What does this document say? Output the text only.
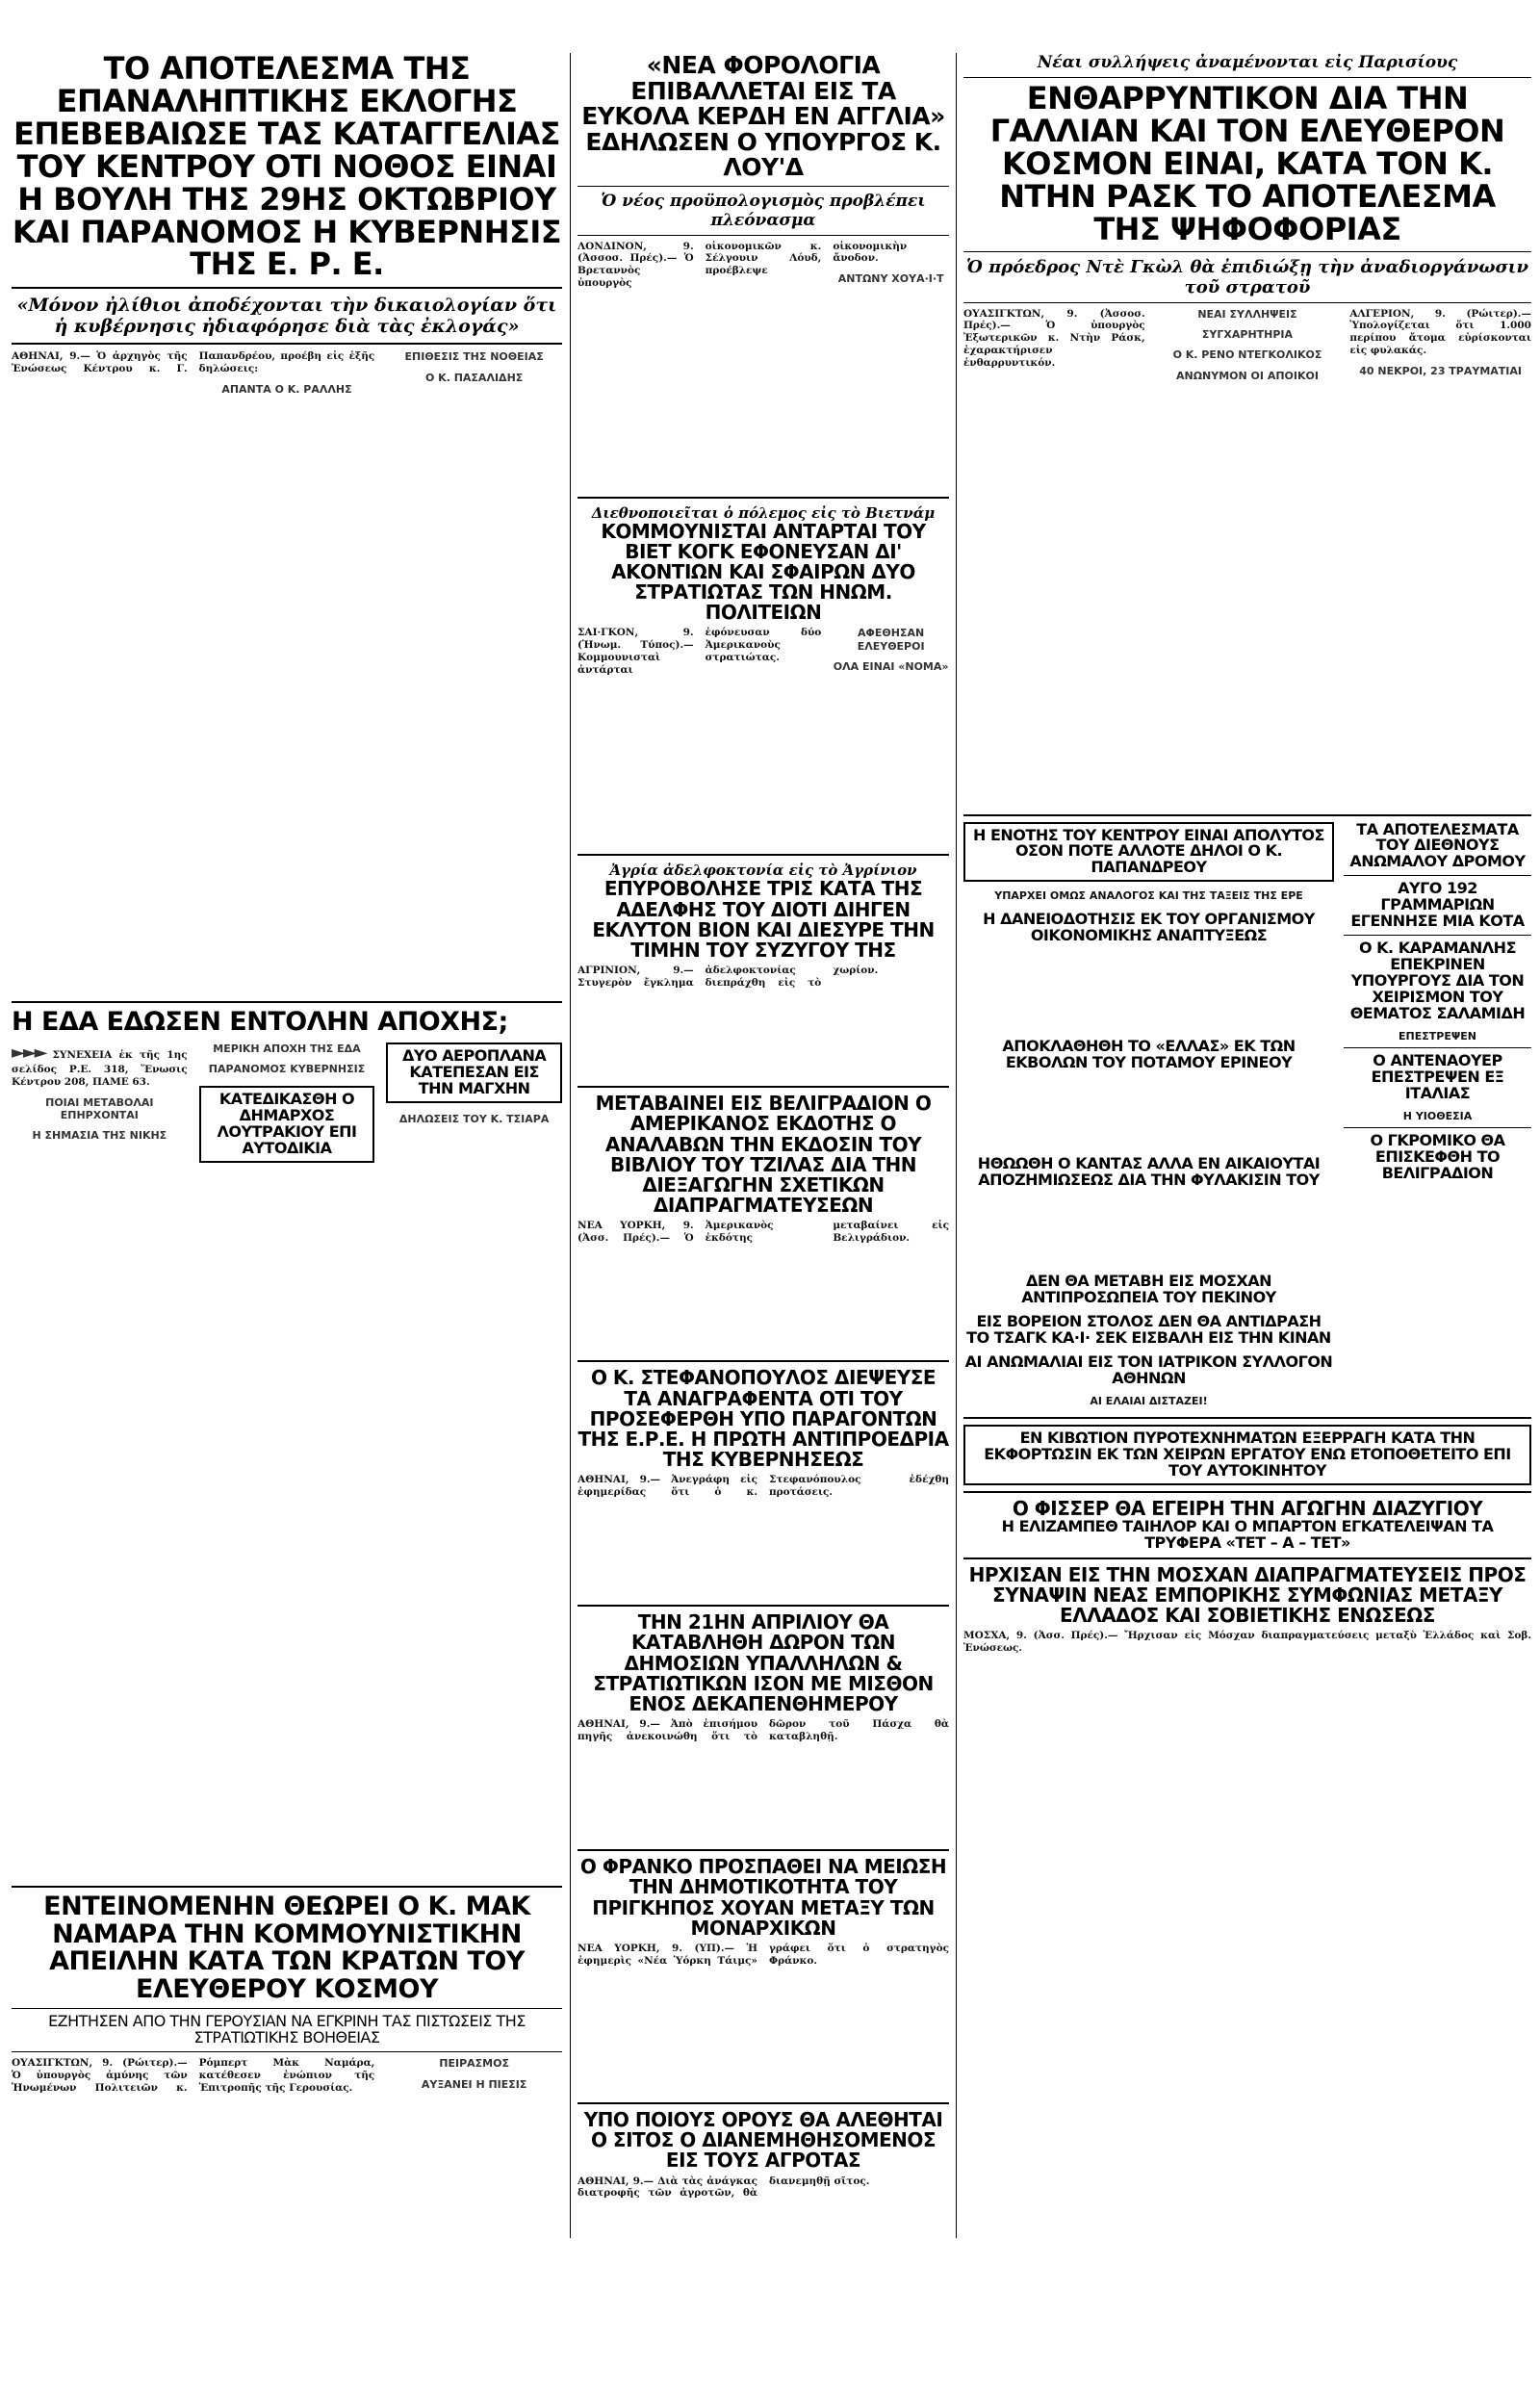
ΤΟ ΑΠΟΤΕΛΕΣΜΑ ΤΗΣ ΕΠΑΝΑΛΗΠΤΙΚΗΣ ΕΚΛΟΓΗΣ ΕΠΕΒΕΒΑΙΩΣΕ ΤΑΣ ΚΑΤΑΓΓΕΛΙΑΣ ΤΟΥ ΚΕΝΤΡΟΥ ΟΤΙ ΝΟΘΟΣ ΕΙΝΑΙ Η ΒΟΥΛΗ ΤΗΣ 29ΗΣ ΟΚΤΩΒΡΙΟΥ ΚΑΙ ΠΑΡΑΝΟΜΟΣ Η ΚΥΒΕΡΝΗΣΙΣ ΤΗΣ Ε. Ρ. Ε.
«Μόνον ἠλίθιοι ἀποδέχονται τὴν δικαιολογίαν ὅτι ἡ κυβέρνησις ἠδιαφόρησε διὰ τὰς ἐκλογάς»
ΑΘΗΝΑΙ, 9.— Ὁ ἀρχηγὸς τῆς Ἑνώσεως Κέντρου κ. Γ. Παπανδρέου, προέβη εἰς ἑξῆς δηλώσεις:
ΑΠΑΝΤΑ Ο Κ. ΡΑΛΛΗΣ
ΕΠΙΘΕΣΙΣ ΤΗΣ ΝΟΘΕΙΑΣ
Ο Κ. ΠΑΣΑΛΙΔΗΣ
Η ΕΔΑ ΕΔΩΣΕΝ ΕΝΤΟΛΗΝ ΑΠΟΧΗΣ;
►►► ΣΥΝΕΧΕΙΑ ἐκ τῆς 1ης σελίδος Ρ.Ε. 318, Ἕνωσις Κέντρου 208, ΠΑΜΕ 63.
ΠΟΙΑΙ ΜΕΤΑΒΟΛΑΙ ΕΠΗΡΧΟΝΤΑΙ
Η ΣΗΜΑΣΙΑ ΤΗΣ ΝΙΚΗΣ
ΜΕΡΙΚΗ ΑΠΟΧΗ ΤΗΣ ΕΔΑ
ΠΑΡΑΝΟΜΟΣ ΚΥΒΕΡΝΗΣΙΣ
ΚΑΤΕΔΙΚΑΣΘΗ Ο ΔΗΜΑΡΧΟΣ ΛΟΥΤΡΑΚΙΟΥ ΕΠΙ ΑΥΤΟΔΙΚΙΑ
ΔΥΟ ΑΕΡΟΠΛΑΝΑ ΚΑΤΕΠΕΣΑΝ ΕΙΣ ΤΗΝ ΜΑΓΧΗΝ
ΔΗΛΩΣΕΙΣ ΤΟΥ Κ. ΤΣΙΑΡΑ
ΕΝΤΕΙΝΟΜΕΝΗΝ ΘΕΩΡΕΙ Ο Κ. ΜΑΚ ΝΑΜΑΡΑ ΤΗΝ ΚΟΜΜΟΥΝΙΣΤΙΚΗΝ ΑΠΕΙΛΗΝ ΚΑΤΑ ΤΩΝ ΚΡΑΤΩΝ ΤΟΥ ΕΛΕΥΘΕΡΟΥ ΚΟΣΜΟΥ
ΕΖΗΤΗΣΕΝ ΑΠΟ ΤΗΝ ΓΕΡΟΥΣΙΑΝ ΝΑ ΕΓΚΡΙΝΗ ΤΑΣ ΠΙΣΤΩΣΕΙΣ ΤΗΣ ΣΤΡΑΤΙΩΤΙΚΗΣ ΒΟΗΘΕΙΑΣ
ΟΥΑΣΙΓΚΤΩΝ, 9. (Ρώιτερ).— Ὁ ὑπουργὸς ἀμύνης τῶν Ἡνωμένων Πολιτειῶν κ. Ρόμπερτ Μὰκ Ναμάρα, κατέθεσεν ἐνώπιον τῆς Ἐπιτροπῆς τῆς Γερουσίας.
ΠΕΙΡΑΣΜΟΣ
ΑΥΞΑΝΕΙ Η ΠΙΕΣΙΣ
«ΝΕΑ ΦΟΡΟΛΟΓΙΑ ΕΠΙΒΑΛΛΕΤΑΙ ΕΙΣ ΤΑ ΕΥΚΟΛΑ ΚΕΡΔΗ ΕΝ ΑΓΓΛΙΑ» ΕΔΗΛΩΣΕΝ Ο ΥΠΟΥΡΓΟΣ Κ. ΛΟΥ'Δ
Ὁ νέος προϋπολογισμὸς προβλέπει πλεόνασμα
ΛΟΝΔΙΝΟΝ, 9. (Ἀσσοσ. Πρές).— Ὁ Βρεταννὸς ὑπουργὸς οἰκονομικῶν κ. Σέλγουιν Λόυδ, προέβλεψε οἰκονομικὴν ἄνοδον.
ΑΝΤΩΝΥ ΧΟΥΑ·Ι·Τ
Διεθνοποιεῖται ὁ πόλεμος εἰς τὸ Βιετνάμ
ΚΟΜΜΟΥΝΙΣΤΑΙ ΑΝΤΑΡΤΑΙ ΤΟΥ ΒΙΕΤ ΚΟΓΚ ΕΦΟΝΕΥΣΑΝ ΔΙ' ΑΚΟΝΤΙΩΝ ΚΑΙ ΣΦΑΙΡΩΝ ΔΥΟ ΣΤΡΑΤΙΩΤΑΣ ΤΩΝ ΗΝΩΜ. ΠΟΛΙΤΕΙΩΝ
ΣΑΙ·ΓΚΟΝ, 9. (Ἡνωμ. Τύπος).— Κομμουνισταὶ ἀντάρται ἐφόνευσαν δύο Ἀμερικανοὺς στρατιώτας.
ΑΦΕΘΗΣΑΝ ΕΛΕΥΘΕΡΟΙ
ΟΛΑ ΕΙΝΑΙ «ΝΟΜΑ»
Ἀγρία ἀδελφοκτονία εἰς τὸ Ἀγρίνιον
ΕΠΥΡΟΒΟΛΗΣΕ ΤΡΙΣ ΚΑΤΑ ΤΗΣ ΑΔΕΛΦΗΣ ΤΟΥ ΔΙΟΤΙ ΔΙΗΓΕΝ ΕΚΛΥΤΟΝ ΒΙΟΝ ΚΑΙ ΔΙΕΣΥΡΕ ΤΗΝ ΤΙΜΗΝ ΤΟΥ ΣΥΖΥΓΟΥ ΤΗΣ
ΑΓΡΙΝΙΟΝ, 9.— Στυγερὸν ἔγκλημα ἀδελφοκτονίας διεπράχθη εἰς τὸ χωρίον.
ΜΕΤΑΒΑΙΝΕΙ ΕΙΣ ΒΕΛΙΓΡΑΔΙΟΝ Ο ΑΜΕΡΙΚΑΝΟΣ ΕΚΔΟΤΗΣ Ο ΑΝΑΛΑΒΩΝ ΤΗΝ ΕΚΔΟΣΙΝ ΤΟΥ ΒΙΒΛΙΟΥ ΤΟΥ ΤΖΙΛΑΣ ΔΙΑ ΤΗΝ ΔΙΕΞΑΓΩΓΗΝ ΣΧΕΤΙΚΩΝ ΔΙΑΠΡΑΓΜΑΤΕΥΣΕΩΝ
ΝΕΑ ΥΟΡΚΗ, 9. (Ἀσσ. Πρές).— Ὁ Ἀμερικανὸς ἐκδότης μεταβαίνει εἰς Βελιγράδιον.
Ο Κ. ΣΤΕΦΑΝΟΠΟΥΛΟΣ ΔΙΕΨΕΥΣΕ ΤΑ ΑΝΑΓΡΑΦΕΝΤΑ ΟΤΙ ΤΟΥ ΠΡΟΣΕΦΕΡΘΗ ΥΠΟ ΠΑΡΑΓΟΝΤΩΝ ΤΗΣ Ε.Ρ.Ε. Η ΠΡΩΤΗ ΑΝΤΙΠΡΟΕΔΡΙΑ ΤΗΣ ΚΥΒΕΡΝΗΣΕΩΣ
ΑΘΗΝΑΙ, 9.— Ἀνεγράφη εἰς ἐφημερίδας ὅτι ὁ κ. Στεφανόπουλος ἐδέχθη προτάσεις.
ΤΗΝ 21ΗΝ ΑΠΡΙΛΙΟΥ ΘΑ ΚΑΤΑΒΛΗΘΗ ΔΩΡΟΝ ΤΩΝ ΔΗΜΟΣΙΩΝ ΥΠΑΛΛΗΛΩΝ & ΣΤΡΑΤΙΩΤΙΚΩΝ ΙΣΟΝ ΜΕ ΜΙΣΘΟΝ ΕΝΟΣ ΔΕΚΑΠΕΝΘΗΜΕΡΟΥ
ΑΘΗΝΑΙ, 9.— Ἀπὸ ἐπισήμου πηγῆς ἀνεκοινώθη ὅτι τὸ δῶρον τοῦ Πάσχα θὰ καταβληθῇ.
Ο ΦΡΑΝΚΟ ΠΡΟΣΠΑΘΕΙ ΝΑ ΜΕΙΩΣΗ ΤΗΝ ΔΗΜΟΤΙΚΟΤΗΤΑ ΤΟΥ ΠΡΙΓΚΗΠΟΣ ΧΟΥΑΝ ΜΕΤΑΞΥ ΤΩΝ ΜΟΝΑΡΧΙΚΩΝ
ΝΕΑ ΥΟΡΚΗ, 9. (ΥΠ).— Ἡ ἐφημερὶς «Νέα Ὑόρκη Τάιμς» γράφει ὅτι ὁ στρατηγὸς Φράνκο.
ΥΠΟ ΠΟΙΟΥΣ ΟΡΟΥΣ ΘΑ ΑΛΕΘΗΤΑΙ Ο ΣΙΤΟΣ Ο ΔΙΑΝΕΜΗΘΗΣΟΜΕΝΟΣ ΕΙΣ ΤΟΥΣ ΑΓΡΟΤΑΣ
ΑΘΗΝΑΙ, 9.— Διὰ τὰς ἀνάγκας διατροφῆς τῶν ἀγροτῶν, θὰ διανεμηθῇ σῖτος.
Νέαι συλλήψεις ἀναμένονται εἰς Παρισίους
ΕΝΘΑΡΡΥΝΤΙΚΟΝ ΔΙΑ ΤΗΝ ΓΑΛΛΙΑΝ ΚΑΙ ΤΟΝ ΕΛΕΥΘΕΡΟΝ ΚΟΣΜΟΝ ΕΙΝΑΙ, ΚΑΤΑ ΤΟΝ Κ. ΝΤΗΝ ΡΑΣΚ ΤΟ ΑΠΟΤΕΛΕΣΜΑ ΤΗΣ ΨΗΦΟΦΟΡΙΑΣ
Ὁ πρόεδρος Ντὲ Γκὼλ θὰ ἐπιδιώξῃ τὴν ἀναδιοργάνωσιν τοῦ στρατοῦ
ΟΥΑΣΙΓΚΤΩΝ, 9. (Ἀσσοσ. Πρές).— Ὁ ὑπουργὸς Ἐξωτερικῶν κ. Ντὴν Ράσκ, ἐχαρακτήρισεν ἐνθαρρυντικόν.
ΝΕΑΙ ΣΥΛΛΗΨΕΙΣ
ΣΥΓΧΑΡΗΤΗΡΙΑ
Ο Κ. ΡΕΝΟ ΝΤΕΓΚΟΛΙΚΟΣ
ΑΝΩΝΥΜΟΝ ΟΙ ΑΠΟΙΚΟΙ
ΑΛΓΕΡΙΟΝ, 9. (Ρώιτερ).— Ὑπολογίζεται ὅτι 1.000 περίπου ἄτομα εὑρίσκονται εἰς φυλακάς.
40 ΝΕΚΡΟΙ, 23 ΤΡΑΥΜΑΤΙΑΙ
Η ΕΝΟΤΗΣ ΤΟΥ ΚΕΝΤΡΟΥ ΕΙΝΑΙ ΑΠΟΛΥΤΟΣ ΟΣΟΝ ΠΟΤΕ ΑΛΛΟΤΕ ΔΗΛΟΙ Ο Κ. ΠΑΠΑΝΔΡΕΟΥ
ΥΠΑΡΧΕΙ ΟΜΩΣ ΑΝΑΛΟΓΟΣ ΚΑΙ ΤΗΣ ΤΑΞΕΙΣ ΤΗΣ ΕΡΕ
Η ΔΑΝΕΙΟΔΟΤΗΣΙΣ ΕΚ ΤΟΥ ΟΡΓΑΝΙΣΜΟΥ ΟΙΚΟΝΟΜΙΚΗΣ ΑΝΑΠΤΥΞΕΩΣ
ΑΠΟΚΛΑΘΗΘΗ ΤΟ «ΕΛΛΑΣ» ΕΚ ΤΩΝ ΕΚΒΟΛΩΝ ΤΟΥ ΠΟΤΑΜΟΥ ΕΡΙΝΕΟΥ
ΗΘΩΩΘΗ Ο ΚΑΝΤΑΣ ΑΛΛΑ ΕΝ ΑΙΚΑΙΟΥΤΑΙ ΑΠΟΖΗΜΙΩΣΕΩΣ ΔΙΑ ΤΗΝ ΦΥΛΑΚΙΣΙΝ ΤΟΥ
ΔΕΝ ΘΑ ΜΕΤΑΒΗ ΕΙΣ ΜΟΣΧΑΝ ΑΝΤΙΠΡΟΣΩΠΕΙΑ ΤΟΥ ΠΕΚΙΝΟΥ
ΕΙΣ ΒΟΡΕΙΟΝ ΣΤΟΛΟΣ ΔΕΝ ΘΑ ΑΝΤΙΔΡΑΣΗ ΤΟ ΤΣΑΓΚ ΚΑ·Ι· ΣΕΚ ΕΙΣΒΑΛΗ ΕΙΣ ΤΗΝ ΚΙΝΑΝ
ΑΙ ΑΝΩΜΑΛΙΑΙ ΕΙΣ ΤΟΝ ΙΑΤΡΙΚΟΝ ΣΥΛΛΟΓΟΝ ΑΘΗΝΩΝ
ΑΙ ΕΛΑΙΑΙ ΔΙΣΤΑΖΕΙ!
ΤΑ ΑΠΟΤΕΛΕΣΜΑΤΑ ΤΟΥ ΔΙΕΘΝΟΥΣ ΑΝΩΜΑΛΟΥ ΔΡΟΜΟΥ
ΑΥΓΟ 192 ΓΡΑΜΜΑΡΙΩΝ ΕΓΕΝΝΗΣΕ ΜΙΑ ΚΟΤΑ
Ο Κ. ΚΑΡΑΜΑΝΛΗΣ ΕΠΕΚΡΙΝΕΝ ΥΠΟΥΡΓΟΥΣ ΔΙΑ ΤΟΝ ΧΕΙΡΙΣΜΟΝ ΤΟΥ ΘΕΜΑΤΟΣ ΣΑΛΑΜΙΔΗ
ΕΠΕΣΤΡΕΨΕΝ
Ο ΑΝΤΕΝΑΟΥΕΡ ΕΠΕΣΤΡΕΨΕΝ ΕΞ ΙΤΑΛΙΑΣ
Η ΥΙΟΘΕΣΙΑ
Ο ΓΚΡΟΜΙΚΟ ΘΑ ΕΠΙΣΚΕΦΘΗ ΤΟ ΒΕΛΙΓΡΑΔΙΟΝ
ΕΝ ΚΙΒΩΤΙΟΝ ΠΥΡΟΤΕΧΝΗΜΑΤΩΝ ΕΞΕΡΡΑΓΗ ΚΑΤΑ ΤΗΝ ΕΚΦΟΡΤΩΣΙΝ ΕΚ ΤΩΝ ΧΕΙΡΩΝ ΕΡΓΑΤΟΥ ΕΝΩ ΕΤΟΠΟΘΕΤΕΙΤΟ ΕΠΙ ΤΟΥ ΑΥΤΟΚΙΝΗΤΟΥ
Ο ΦΙΣΣΕΡ ΘΑ ΕΓΕΙΡΗ ΤΗΝ ΑΓΩΓΗΝ ΔΙΑΖΥΓΙΟΥ
Η ΕΛΙΖΑΜΠΕΘ ΤΑΙΗΛΟΡ ΚΑΙ Ο ΜΠΑΡΤΟΝ ΕΓΚΑΤΕΛΕΙΨΑΝ ΤΑ ΤΡΥΦΕΡΑ «ΤΕΤ – Α – ΤΕΤ»
ΗΡΧΙΣΑΝ ΕΙΣ ΤΗΝ ΜΟΣΧΑΝ ΔΙΑΠΡΑΓΜΑΤΕΥΣΕΙΣ ΠΡΟΣ ΣΥΝΑΨΙΝ ΝΕΑΣ ΕΜΠΟΡΙΚΗΣ ΣΥΜΦΩΝΙΑΣ ΜΕΤΑΞΥ ΕΛΛΑΔΟΣ ΚΑΙ ΣΟΒΙΕΤΙΚΗΣ ΕΝΩΣΕΩΣ
ΜΟΣΧΑ, 9. (Ἀσσ. Πρές).— Ἤρχισαν εἰς Μόσχαν διαπραγματεύσεις μεταξὺ Ἑλλάδος καὶ Σοβ. Ἑνώσεως.
